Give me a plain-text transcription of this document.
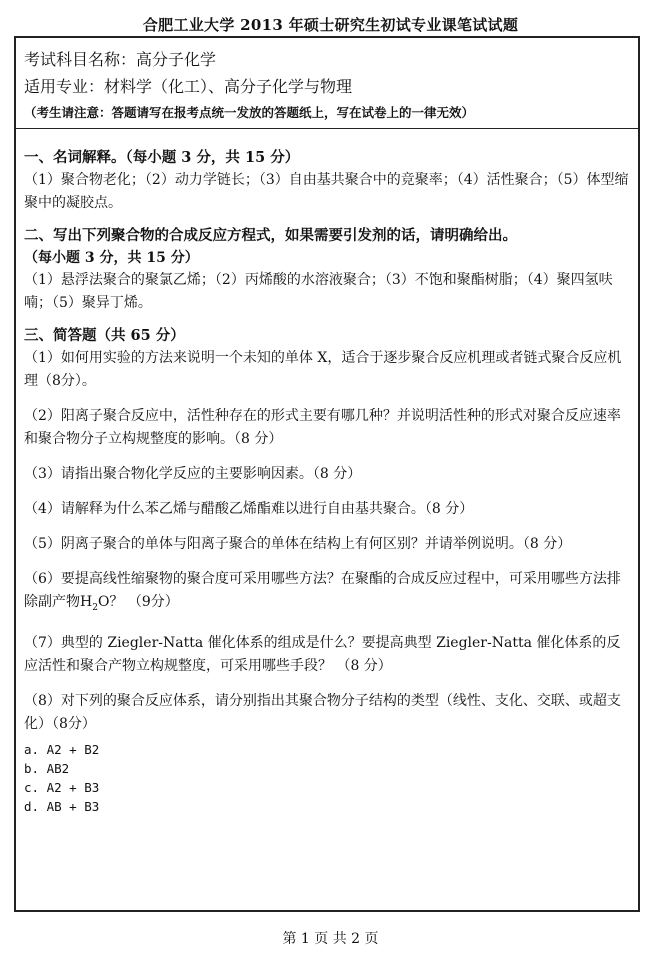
合肥工业大学 2013 年硕士研究生初试专业课笔试试题
考试科目名称：高分子化学
适用专业：材料学（化工）、高分子化学与物理
（考生请注意：答题请写在报考点统一发放的答题纸上，写在试卷上的一律无效）
一、名词解释。（每小题 3 分，共 15 分）
（1）聚合物老化；（2）动力学链长；（3）自由基共聚合中的竞聚率；（4）活性聚合；（5）体型缩聚中的凝胶点。
二、写出下列聚合物的合成反应方程式，如果需要引发剂的话，请明确给出。
（每小题 3 分，共 15 分）
（1）悬浮法聚合的聚氯乙烯；（2）丙烯酸的水溶液聚合；（3）不饱和聚酯树脂；（4）聚四氢呋喃；（5）聚异丁烯。
三、简答题（共 65 分）
（1）如何用实验的方法来说明一个未知的单体 X，适合于逐步聚合反应机理或者链式聚合反应机理（8分）。
（2）阳离子聚合反应中，活性种存在的形式主要有哪几种？并说明活性种的形式对聚合反应速率和聚合物分子立构规整度的影响。（8 分）
（3）请指出聚合物化学反应的主要影响因素。（8 分）
（4）请解释为什么苯乙烯与醋酸乙烯酯难以进行自由基共聚合。（8 分）
（5）阴离子聚合的单体与阳离子聚合的单体在结构上有何区别？并请举例说明。（8 分）
（6）要提高线性缩聚物的聚合度可采用哪些方法？在聚酯的合成反应过程中，可采用哪些方法排除副产物$H_2O$？ （9分）
（7）典型的 Ziegler-Natta 催化体系的组成是什么？要提高典型 Ziegler-Natta 催化体系的反应活性和聚合产物立构规整度，可采用哪些手段？ （8 分）
（8）对下列的聚合反应体系，请分别指出其聚合物分子结构的类型（线性、支化、交联、或超支化）（8分）
a. A2 + B2
b. AB2
c. A2 + B3
d. AB + B3
第 1 页 共 2 页
